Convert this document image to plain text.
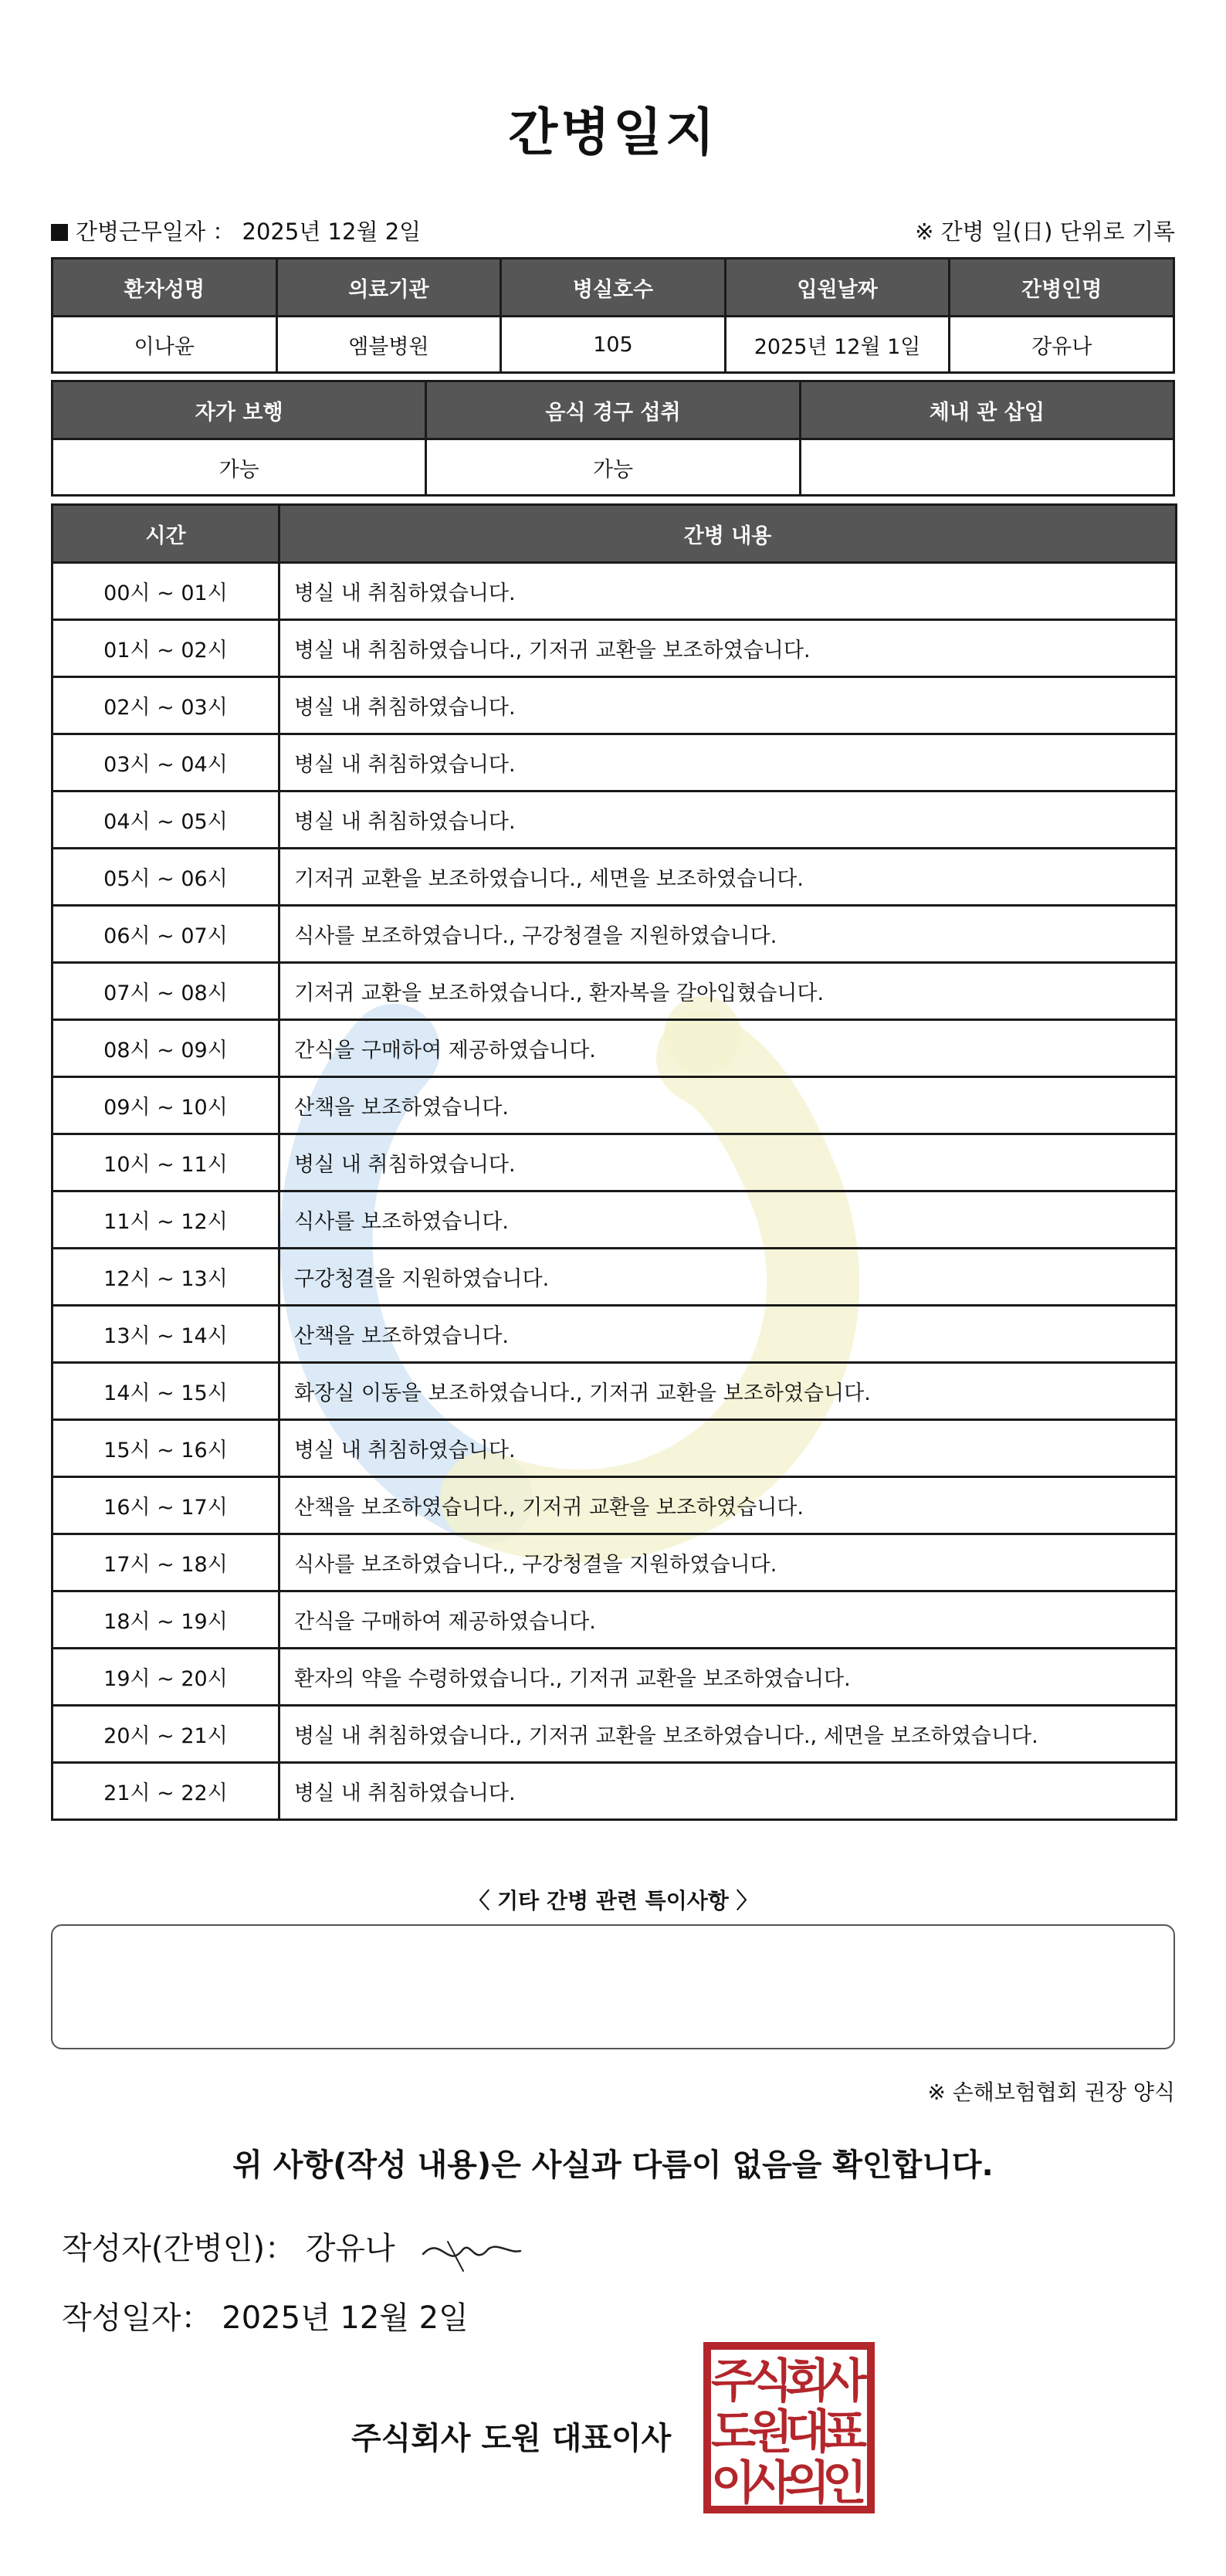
간병일지
간병근무일자 ： 2025년 12월 2일	※ 간병 일(日) 단위로 기록
환자성명	의료기관	병실호수	입원날짜	간병인명
이나윤	엠블병원	105	2025년 12월 1일	강유나
자가 보행	음식 경구 섭취	체내 관 삽입
가능	가능	
시간	간병 내용
00시 ~ 01시	병실 내 취침하였습니다.
01시 ~ 02시	병실 내 취침하였습니다., 기저귀 교환을 보조하였습니다.
02시 ~ 03시	병실 내 취침하였습니다.
03시 ~ 04시	병실 내 취침하였습니다.
04시 ~ 05시	병실 내 취침하였습니다.
05시 ~ 06시	기저귀 교환을 보조하였습니다., 세면을 보조하였습니다.
06시 ~ 07시	식사를 보조하였습니다., 구강청결을 지원하였습니다.
07시 ~ 08시	기저귀 교환을 보조하였습니다., 환자복을 갈아입혔습니다.
08시 ~ 09시	간식을 구매하여 제공하였습니다.
09시 ~ 10시	산책을 보조하였습니다.
10시 ~ 11시	병실 내 취침하였습니다.
11시 ~ 12시	식사를 보조하였습니다.
12시 ~ 13시	구강청결을 지원하였습니다.
13시 ~ 14시	산책을 보조하였습니다.
14시 ~ 15시	화장실 이동을 보조하였습니다., 기저귀 교환을 보조하였습니다.
15시 ~ 16시	병실 내 취침하였습니다.
16시 ~ 17시	산책을 보조하였습니다., 기저귀 교환을 보조하였습니다.
17시 ~ 18시	식사를 보조하였습니다., 구강청결을 지원하였습니다.
18시 ~ 19시	간식을 구매하여 제공하였습니다.
19시 ~ 20시	환자의 약을 수령하였습니다., 기저귀 교환을 보조하였습니다.
20시 ~ 21시	병실 내 취침하였습니다., 기저귀 교환을 보조하였습니다., 세면을 보조하였습니다.
21시 ~ 22시	병실 내 취침하였습니다.
〈 기타 간병 관련 특이사항 〉
※ 손해보험협회 권장 양식
위 사항(작성 내용)은 사실과 다름이 없음을 확인합니다.
작성자(간병인)： 강유나
작성일자： 2025년 12월 2일
주식회사 도원 대표이사
주
식
회
사
도
원
대
표
이
사
의
인
